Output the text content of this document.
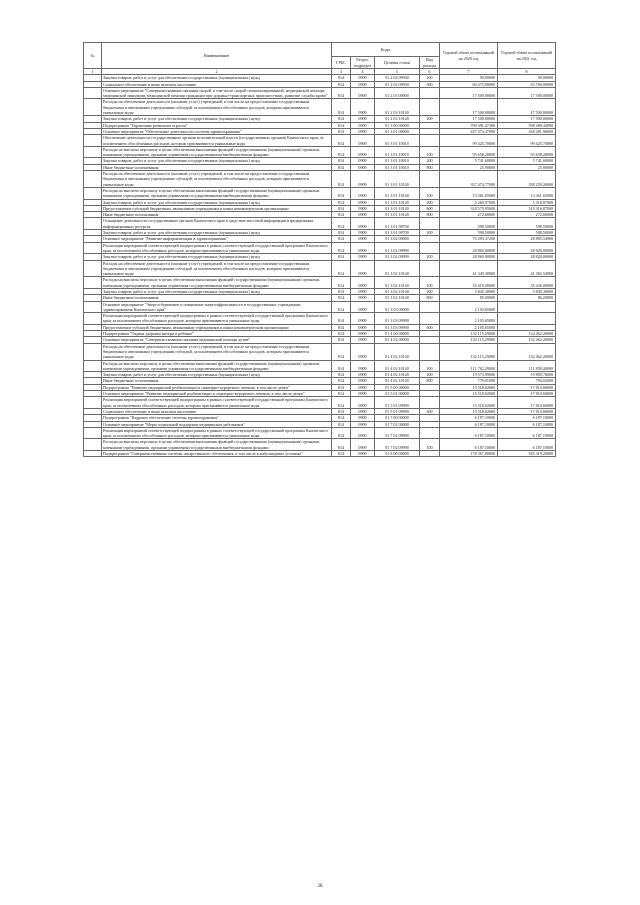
№	Наименование	Коды				Годовой объем ассигнований на 2020 год	Годовой объем ассигнований на 2021 год
		ГРБС	Раздел, подраздел	Целевая статья	Вид расхода		
1	2	3	4	5	6	7	8
	Закупка товаров, работ и услуг для обеспечения государственных (муниципальных) нужд	814	0909	01 2 02 09930	200	50,00000	50,00000
	Социальное обеспечение и иные выплаты населению	814	0909	01 2 02 09930	300	60 475,00000	63 760,00000
	Основное мероприятие "Совершенствование оказания скорой, в том числе скорой специализированной, медицинской помощи, медицинской эвакуации, медицинской помощи гражданам при дорожно-транспортных происшествиях, развитие службы крови"	814	0909	01 2 03 00000		17 500,00000	17 500,00000
	Расходы на обеспечение деятельности (оказание услуг) учреждений, в том числе на предоставление государственным бюджетным и автономным учреждениям субсидий, за исключением обособленных расходов, которым присваиваются уникальные коды	814	0909	01 2 03 10140		17 500,00000	17 500,00000
	Закупка товаров, работ и услуг для обеспечения государственных (муниципальных) нужд	814	0909	01 2 03 10140	200	17 500,00000	17 500,00000
	Подпрограмма "Управление развитием отрасли"	814	0909	01 3 00 00000		709 391,47300	598 489,44900
	Основное мероприятие "Обеспечение деятельности системы здравоохранения"	814	0909	01 3 01 00000		437 474,47000	438 281,96000
	Обеспечение деятельности государственных органов исполнительной власти (государственных органов) Камчатского края, за исключением обособленных расходов, которым присваиваются уникальные коды	814	0909	01 3 01 10010		99 425,70000	99 425,70000
	Расходы на выплаты персоналу в целях обеспечения выполнения функций государственными (муниципальными) органами, казенными учреждениями, органами управления государственными внебюджетными фондами	814	0909	01 3 01 10010	100	93 658,20000	93 658,20000
	Закупка товаров, работ и услуг для обеспечения государственных (муниципальных) нужд	814	0909	01 3 01 10010	200	5 741,60000	5 741,60000
	Иные бюджетные ассигнования	814	0909	01 3 01 10010	800	25,90000	25,90000
	Расходы на обеспечение деятельности (оказание услуг) учреждений, в том числе на предоставление государственным бюджетным и автономным учреждениям субсидий, за исключением обособленных расходов, которым присваиваются уникальные коды	814	0909	01 3 01 10140		337 474,77000	338 259,20000
	Расходы на выплаты персоналу в целях обеспечения выполнения функций государственными (муниципальными) органами, казенными учреждениями, органами управления государственными внебюджетными фондами	814	0909	01 3 01 10140	100	13 361,65000	13 361,65000
	Закупка товаров, работ и услуг для обеспечения государственных (муниципальных) нужд	814	0909	01 3 01 10140	200	5 269,97000	5 318,07000
	Предоставление субсидий бюджетным, автономным учреждениям и иным некоммерческим организациям	814	0909	01 3 01 10140	600	318 570,95000	319 316,87000
	Иные бюджетные ассигнования	814	0909	01 3 01 10140	800	272,60000	272,60000
	Оснащение деятельности государственных органов Камчатского края в средствах массовой информации и федеральных информационных ресурсах	814	0909	01 3 01 98700		598,50000	598,50000
	Закупка товаров, работ и услуг для обеспечения государственных (муниципальных) нужд	814	0909	01 3 01 98700	200	598,50000	598,50000
	Основное мероприятие "Развитие информатизации в здравоохранении"	814	0909	01 3 02 00000		70 293,37200	28 885,54900
	Реализация мероприятий соответствующей подпрограммы в рамках соответствующей государственной программы Камчатского края, за исключением обособленных расходов, которым присваиваются уникальные коды	814	0909	01 3 02 09990		28 860,00000	28 820,00000
	Закупка товаров, работ и услуг для обеспечения государственных (муниципальных) нужд	814	0909	01 3 02 09990	200	28 860,00000	28 820,00000
	Расходы на обеспечение деятельности (оказание услуг) учреждений, в том числе на предоставление государственным бюджетным и автономным учреждениям субсидий, за исключением обособленных расходов, которым присваиваются уникальные коды	814	0909	01 3 02 10140		41 349,30000	41 365,54900
	Расходы на выплаты персоналу в целях обеспечения выполнения функций государственными (муниципальными) органами, казенными учреждениями, органами управления государственными внебюджетными фондами	814	0909	01 3 02 10140	100	35 419,00000	35 436,00000
	Закупка товаров, работ и услуг для обеспечения государственных (муниципальных) нужд	814	0909	01 3 02 10140	200	5 845,30000	5 845,30000
	Иные бюджетные ассигнования	814	0909	01 3 02 10140	800	85,00000	86,20000
	Основное мероприятие "Энергосбережение и повышение энергоэффективности в государственных учреждениях здравоохранения Камчатского края"	814	0909	01 3 03 00000		2 105,65000	
	Реализация мероприятий соответствующей подпрограммы в рамках соответствующей государственной программы Камчатского края, за исключением обособленных расходов, которым присваиваются уникальные коды	814	0909	01 3 03 09990		2 105,65000	
	Предоставление субсидий бюджетным, автономным учреждениям и иным некоммерческим организациям	814	0909	01 3 03 09990	600	2 105,65000	
	Подпрограмма "Охрана здоровья матери и ребенка"	814	0909	01 4 00 00000		132 115,29000	132 462,20000
	Основное мероприятие "Совершенствование оказания медицинской помощи детям"	814	0909	01 4 02 00000		132 115,29000	132 462,20000
	Расходы на обеспечение деятельности (оказание услуг) учреждений, в том числе на предоставление государственным бюджетным и автономным учреждениям субсидий, за исключением обособленных расходов, которым присваиваются уникальные коды	814	0909	01 4 02 10140		132 115,29000	132 462,20000
	Расходы на выплаты персоналу в целях обеспечения выполнения функций государственными (муниципальными) органами, казенными учреждениями, органами управления государственными внебюджетными фондами	814	0909	01 4 02 10140	100	111 762,29000	111 858,40000
	Закупка товаров, работ и услуг для обеспечения государственных (муниципальных) нужд	814	0909	01 4 02 10140	200	19 573,99000	19 809,78000
	Иные бюджетные ассигнования	814	0909	01 4 02 10140	800	779,01000	794,02000
	Подпрограмма "Развитие медицинской реабилитации и санаторно-курортного лечения, в том числе детям"	814	0909	01 5 00 00000		15 518,02000	17 810,60000
	Основное мероприятие "Развитие медицинской реабилитации и санаторно-курортного лечения, в том числе детям"	814	0909	01 5 01 00000		15 518,02000	17 810,60000
	Реализация мероприятий соответствующей подпрограммы в рамках соответствующей государственной программы Камчатского края, за исключением обособленных расходов, которым присваиваются уникальные коды	814	0909	01 5 01 09990		15 518,02000	17 810,60000
	Социальное обеспечение и иные выплаты населению	814	0909	01 5 01 09990	300	15 518,02000	17 810,60000
	Подпрограмма "Кадровое обеспечение системы здравоохранения"	814	0909	01 7 00 00000		6 187,10000	6 187,10000
	Основное мероприятие "Меры социальной поддержки медицинских работников"	814	0909	01 7 02 00000		6 187,10000	6 187,10000
	Реализация мероприятий соответствующей подпрограммы в рамках соответствующей государственной программы Камчатского края, за исключением обособленных расходов, которым присваиваются уникальные коды	814	0909	01 7 02 09990		6 187,10000	6 187,10000
	Расходы на выплаты персоналу в целях обеспечения выполнения функций государственными (муниципальными) органами, казенными учреждениями, органами управления государственными внебюджетными фондами	814	0909	01 7 02 09990	100	6 187,10000	6 187,10000
	Подпрограмма "Совершенствование системы лекарственного обеспечения, в том числе в амбулаторных условиях"	814	0909	01 8 00 00000		178 367,80000	185 319,20000
28
